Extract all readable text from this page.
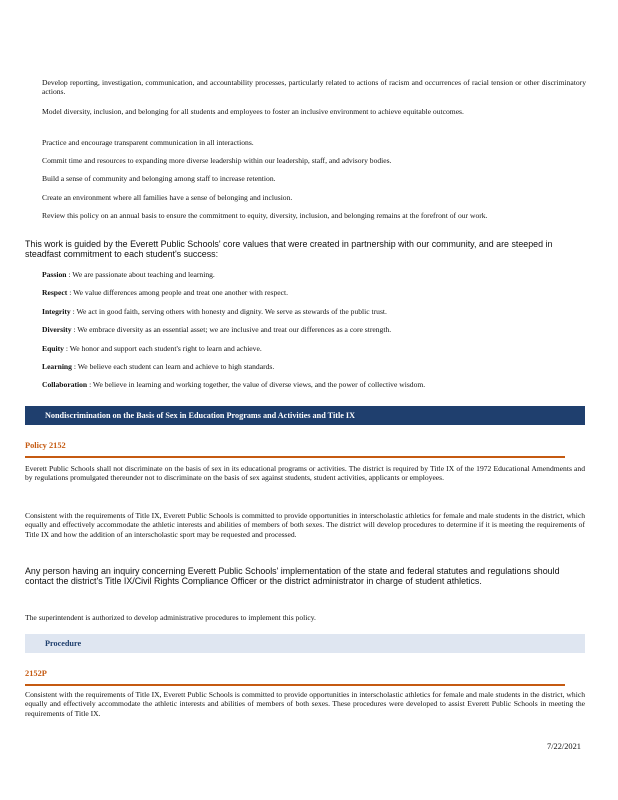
Develop reporting, investigation, communication, and accountability processes, particularly related to actions of racism and occurrences of racial tension or other discriminatory actions.
Model diversity, inclusion, and belonging for all students and employees to foster an inclusive environment to achieve equitable outcomes.
Practice and encourage transparent communication in all interactions.
Commit time and resources to expanding more diverse leadership within our leadership, staff, and advisory bodies.
Build a sense of community and belonging among staff to increase retention.
Create an environment where all families have a sense of belonging and inclusion.
Review this policy on an annual basis to ensure the commitment to equity, diversity, inclusion, and belonging remains at the forefront of our work.
This work is guided by the Everett Public Schools' core values that were created in partnership with our community, and are steeped in steadfast commitment to each student's success:
Passion : We are passionate about teaching and learning.
Respect : We value differences among people and treat one another with respect.
Integrity : We act in good faith, serving others with honesty and dignity. We serve as stewards of the public trust.
Diversity : We embrace diversity as an essential asset; we are inclusive and treat our differences as a core strength.
Equity : We honor and support each student's right to learn and achieve.
Learning : We believe each student can learn and achieve to high standards.
Collaboration : We believe in learning and working together, the value of diverse views, and the power of collective wisdom.
Nondiscrimination on the Basis of Sex in Education Programs and Activities and Title IX
Policy 2152
Everett Public Schools shall not discriminate on the basis of sex in its educational programs or activities. The district is required by Title IX of the 1972 Educational Amendments and by regulations promulgated thereunder not to discriminate on the basis of sex against students, student activities, applicants or employees.
Consistent with the requirements of Title IX, Everett Public Schools is committed to provide opportunities in interscholastic athletics for female and male students in the district, which equally and effectively accommodate the athletic interests and abilities of members of both sexes. The district will develop procedures to determine if it is meeting the requirements of Title IX and how the addition of an interscholastic sport may be requested and processed.
Any person having an inquiry concerning Everett Public Schools' implementation of the state and federal statutes and regulations should contact the district's Title IX/Civil Rights Compliance Officer or the district administrator in charge of student athletics.
The superintendent is authorized to develop administrative procedures to implement this policy.
Procedure
2152P
Consistent with the requirements of Title IX, Everett Public Schools is committed to provide opportunities in interscholastic athletics for female and male students in the district, which equally and effectively accommodate the athletic interests and abilities of members of both sexes. These procedures were developed to assist Everett Public Schools in meeting the requirements of Title IX.
7/22/2021
